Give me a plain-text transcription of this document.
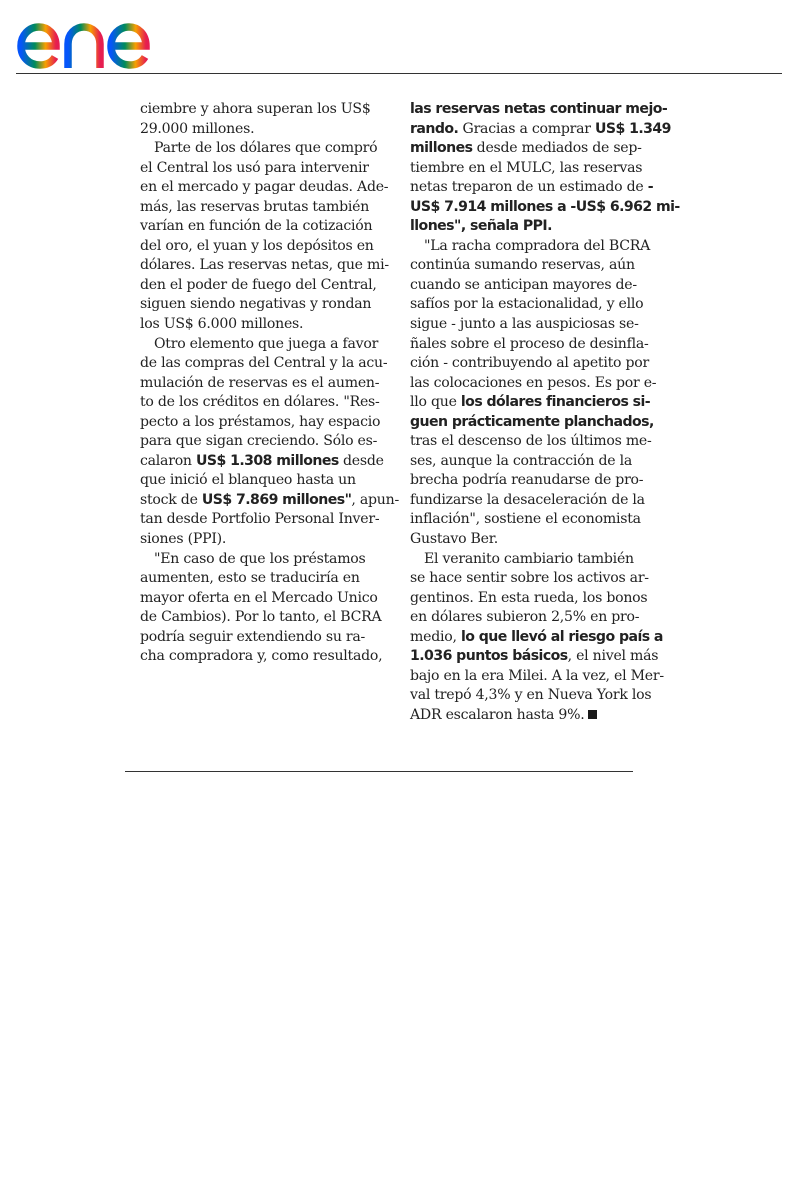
ciembre y ahora superan los US$
29.000 millones.
Parte de los dólares que compró
el Central los usó para intervenir
en el mercado y pagar deudas. Ade-
más, las reservas brutas también
varían en función de la cotización
del oro, el yuan y los depósitos en
dólares. Las reservas netas, que mi-
den el poder de fuego del Central,
siguen siendo negativas y rondan
los US$ 6.000 millones.
Otro elemento que juega a favor
de las compras del Central y la acu-
mulación de reservas es el aumen-
to de los créditos en dólares. "Res-
pecto a los préstamos, hay espacio
para que sigan creciendo. Sólo es-
calaron US$ 1.308 millones desde
que inició el blanqueo hasta un
stock de US$ 7.869 millones", apun-
tan desde Portfolio Personal Inver-
siones (PPI).
"En caso de que los préstamos
aumenten, esto se traduciría en
mayor oferta en el Mercado Unico
de Cambios). Por lo tanto, el BCRA
podría seguir extendiendo su ra-
cha compradora y, como resultado,
las reservas netas continuar mejo-
rando. Gracias a comprar US$ 1.349
millones desde mediados de sep-
tiembre en el MULC, las reservas
netas treparon de un estimado de -
US$ 7.914 millones a -US$ 6.962 mi-
llones", señala PPI.
"La racha compradora del BCRA
continúa sumando reservas, aún
cuando se anticipan mayores de-
safíos por la estacionalidad, y ello
sigue - junto a las auspiciosas se-
ñales sobre el proceso de desinfla-
ción - contribuyendo al apetito por
las colocaciones en pesos. Es por e-
llo que los dólares financieros si-
guen prácticamente planchados,
tras el descenso de los últimos me-
ses, aunque la contracción de la
brecha podría reanudarse de pro-
fundizarse la desaceleración de la
inflación", sostiene el economista
Gustavo Ber.
El veranito cambiario también
se hace sentir sobre los activos ar-
gentinos. En esta rueda, los bonos
en dólares subieron 2,5% en pro-
medio, lo que llevó al riesgo país a
1.036 puntos básicos, el nivel más
bajo en la era Milei. A la vez, el Mer-
val trepó 4,3% y en Nueva York los
ADR escalaron hasta 9%.
